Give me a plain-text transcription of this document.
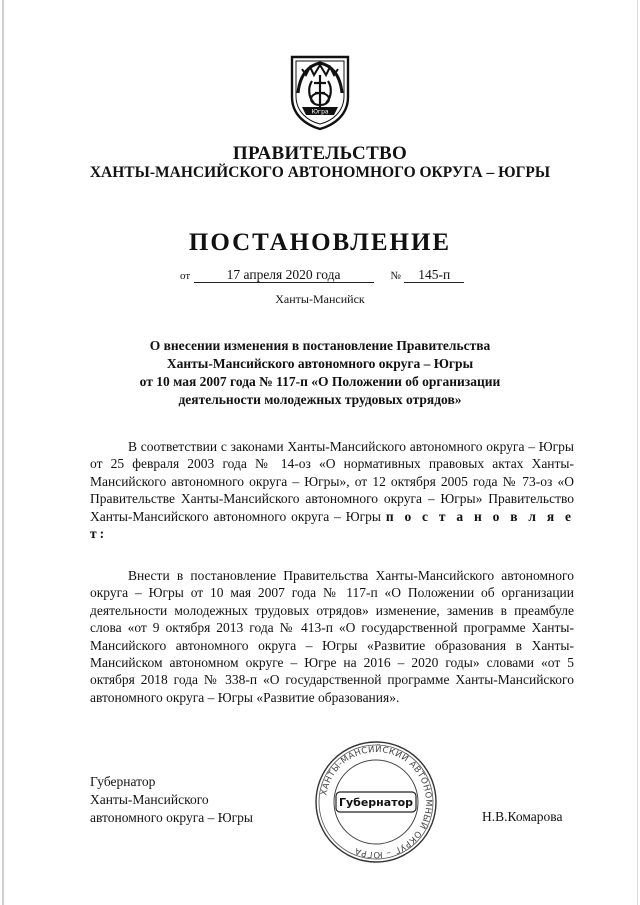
Югра
ПРАВИТЕЛЬСТВО
ХАНТЫ-МАНСИЙСКОГО АВТОНОМНОГО ОКРУГА – ЮГРЫ
ПОСТАНОВЛЕНИЕ
от	17 апреля 2020 года	№ 145-п
Ханты-Мансийск
О внесении изменения в постановление Правительства
Ханты-Мансийского автономного округа – Югры
от 10 мая 2007 года № 117-п «О Положении об организации
деятельности молодежных трудовых отрядов»
В соответствии с законами Ханты-Мансийского автономного округа – Югры от 25 февраля 2003 года № 14-оз «О нормативных правовых актах Ханты-Мансийского автономного округа – Югры», от 12 октября 2005 года № 73-оз «О Правительстве Ханты-Мансийского автономного округа – Югры» Правительство Ханты-Мансийского автономного округа – Югры п о с т а н о в л я е т:
Внести в постановление Правительства Ханты-Мансийского автономного округа – Югры от 10 мая 2007 года № 117-п «О Положении об организации деятельности молодежных трудовых отрядов» изменение, заменив в преамбуле слова «от 9 октября 2013 года № 413-п «О государственной программе Ханты-Мансийского автономного округа – Югры «Развитие образования в Ханты-Мансийском автономном округе – Югре на 2016 – 2020 годы» словами «от 5 октября 2018 года № 338-п «О государственной программе Ханты-Мансийского автономного округа – Югры «Развитие образования».
Губернатор
Ханты-Мансийского
автономного округа – Югры
ХАНТЫ-МАНСИЙСКИЙ АВТОНОМНЫЙ ОКРУГ – ЮГРА
Губернатор
Н.В.Комарова
